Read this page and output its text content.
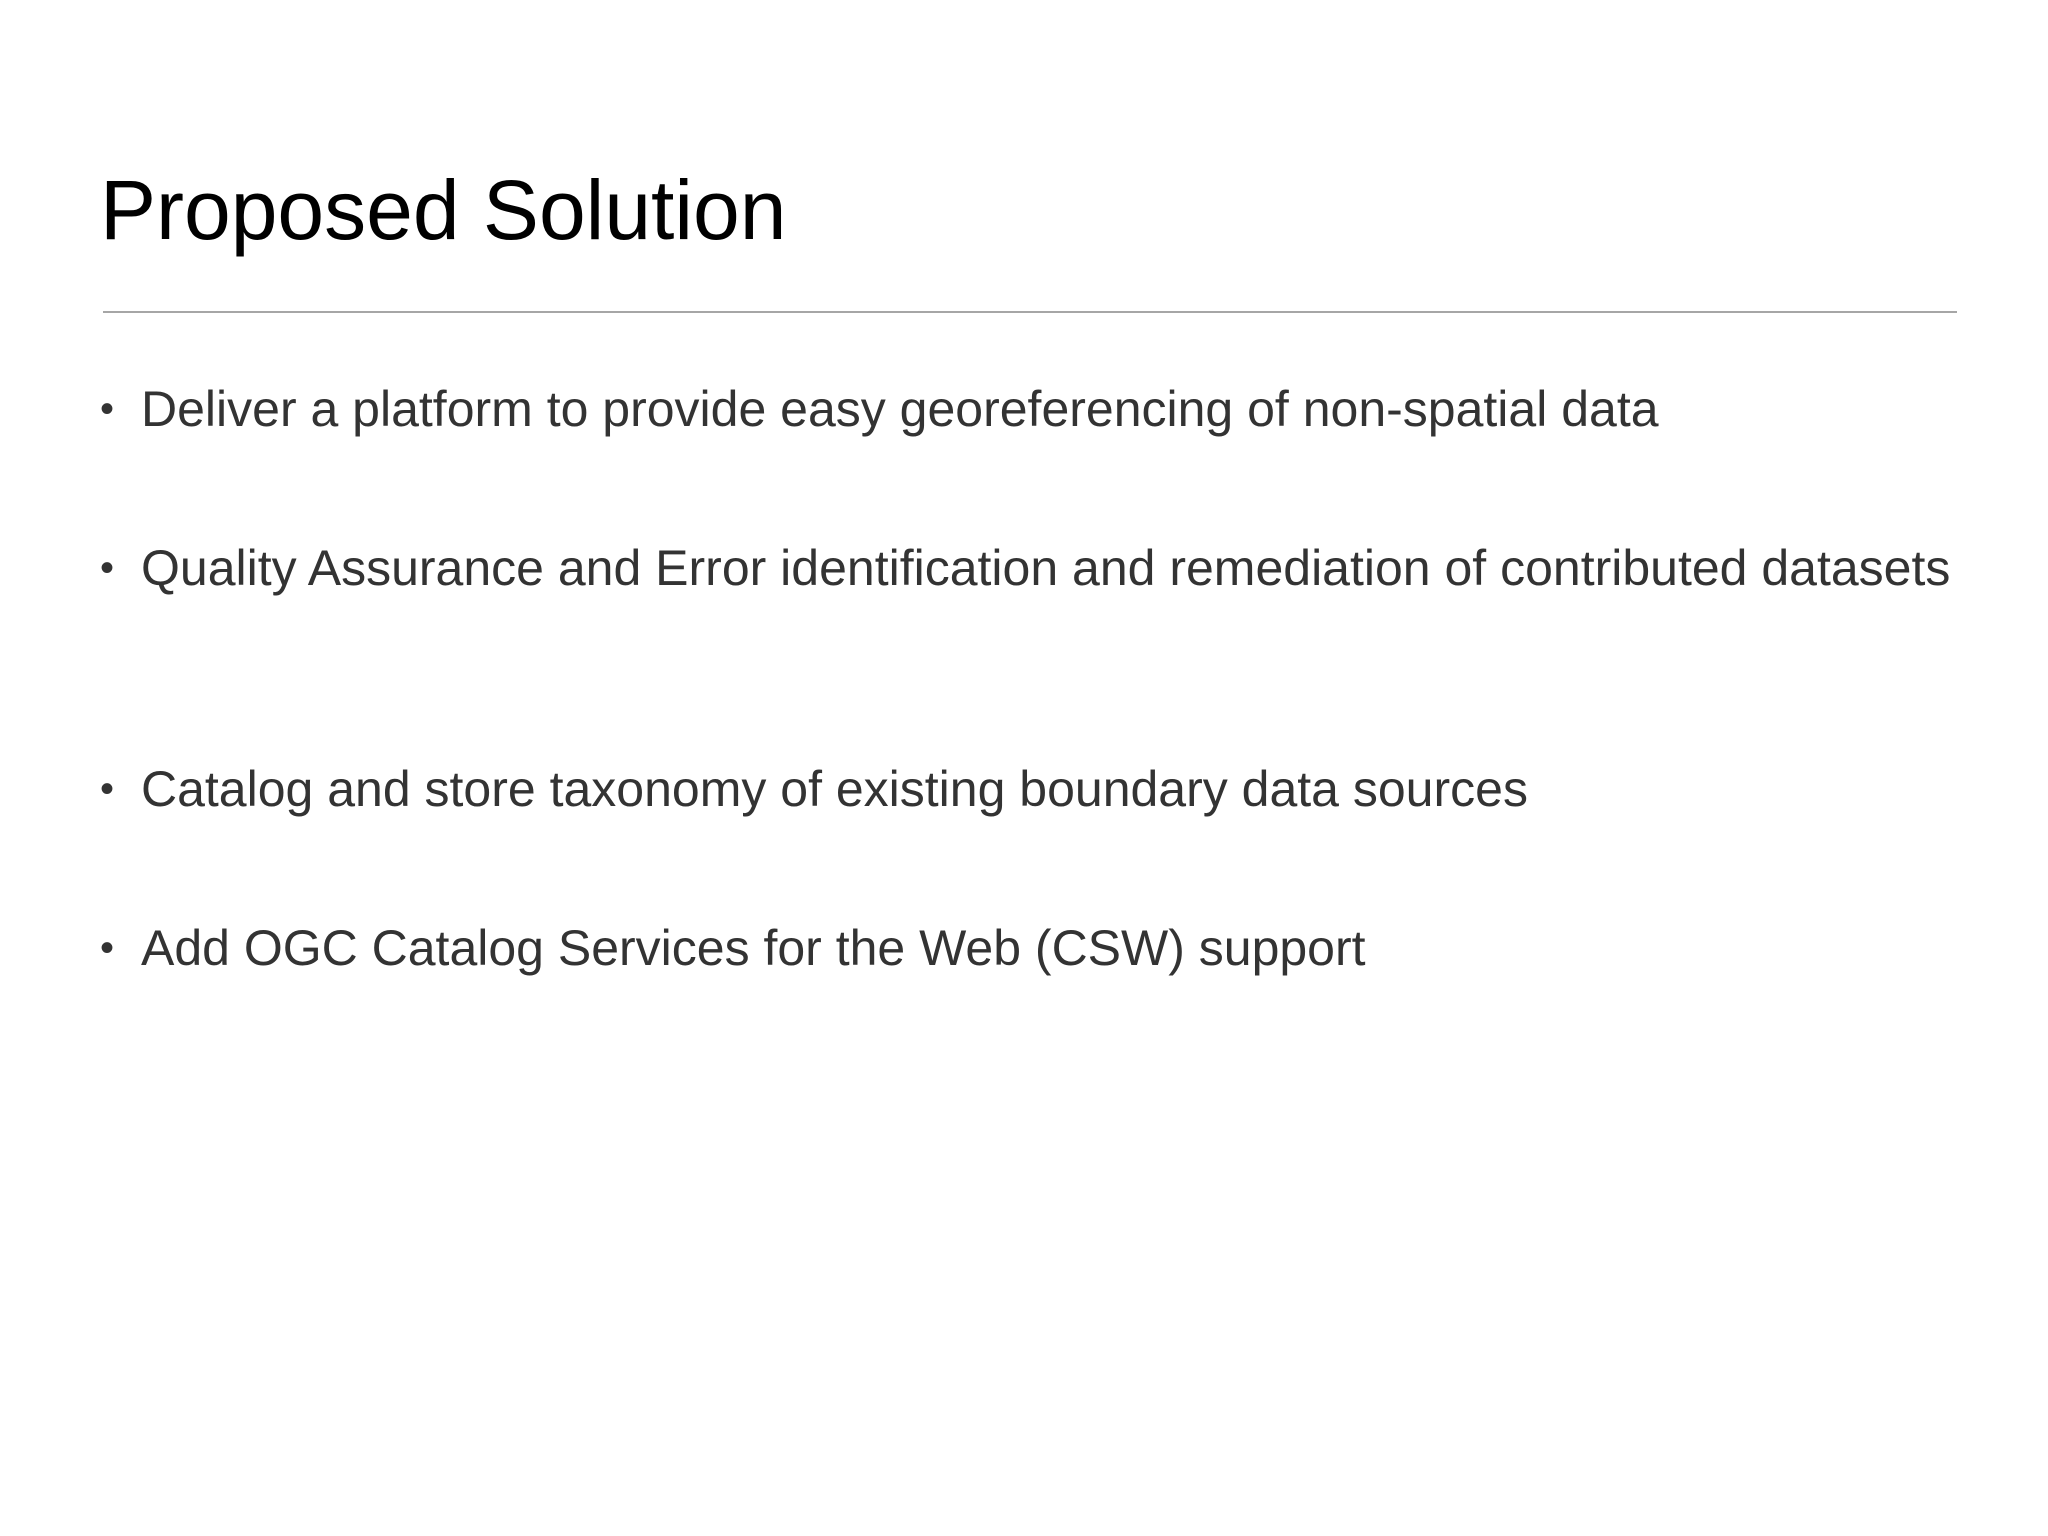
Proposed Solution
• Deliver a platform to provide easy georeferencing of non-spatial data
• Quality Assurance and Error identification and remediation of contributed datasets
• Catalog and store taxonomy of existing boundary data sources
• Add OGC Catalog Services for the Web (CSW) support
